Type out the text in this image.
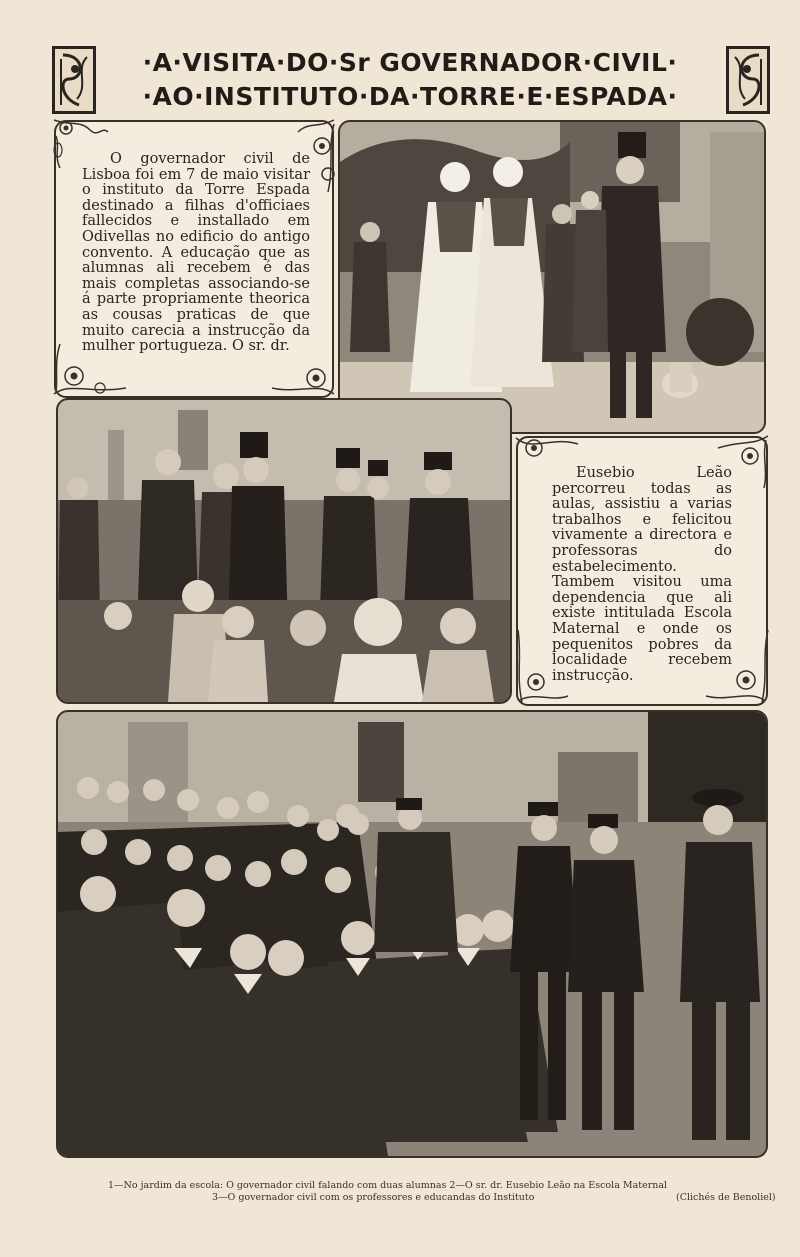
·A·VISITA·DO·Sr GOVERNADOR·CIVIL·
·AO·INSTITUTO·DA·TORRE·E·ESPADA·
O governador civil de Lisboa foi em 7 de maio visitar o instituto da Torre Espada destinado a filhas d'officiaes fallecidos e installado em Odivellas no edificio do antigo convento. A educação que as alumnas ali recebem é das mais completas associando-se á parte propriamente theorica as cousas praticas de que muito carecia a instrucção da mulher portugueza. O sr. dr.
Eusebio Leão percorreu todas as aulas, assistiu a varias trabalhos e felicitou vivamente a directora e professoras do estabelecimento. Tambem visitou uma dependencia que ali existe intitulada Escola Maternal e onde os pequenitos pobres da localidade recebem instrucção.
1—No jardim da escola: O governador civil falando com duas alumnas 2—O sr. dr. Eusebio Leão na Escola Maternal
3—O governador civil com os professores e educandas do Instituto	(Clichés de Benoliel)
